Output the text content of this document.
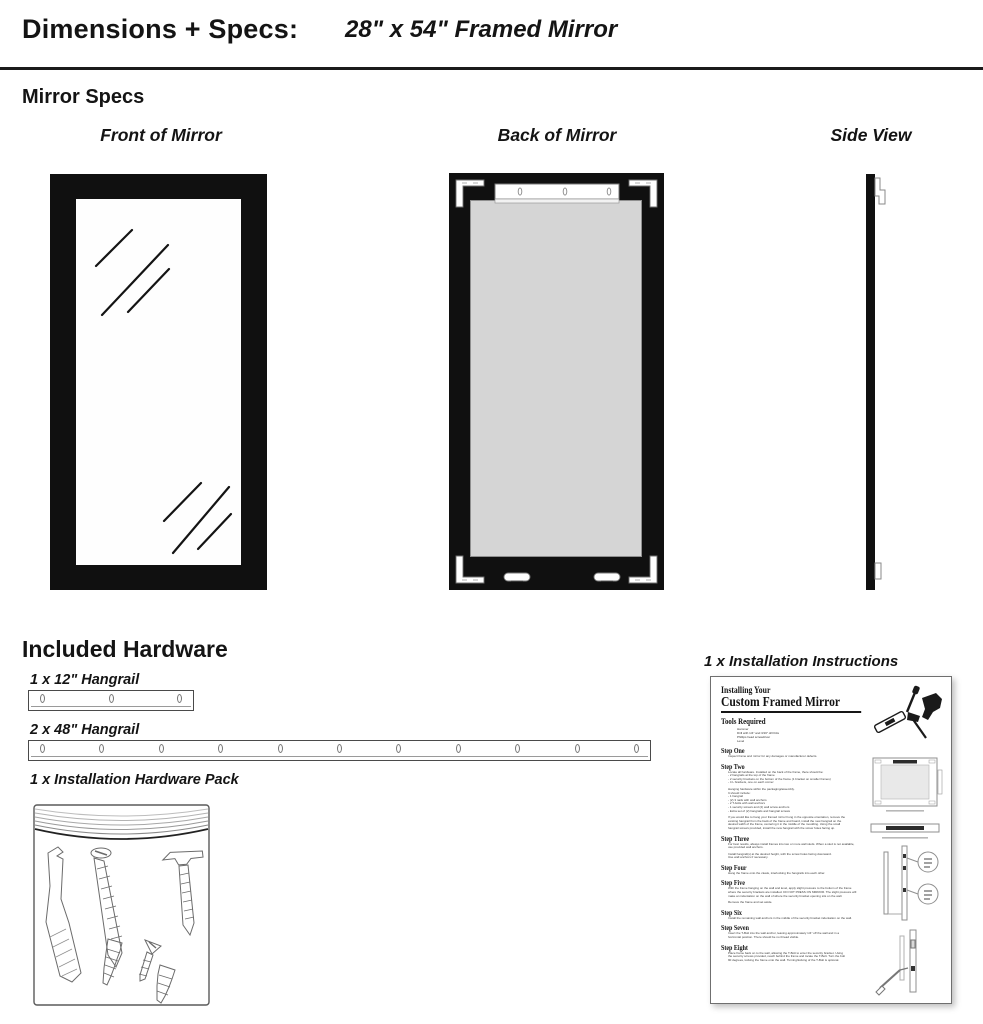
Dimensions + Specs: 28" x 54" Framed Mirror
Mirror Specs
Front of Mirror	Back of Mirror	Side View
Included Hardware
1 x 12" Hangrail
2 x 48" Hangrail
1 x Installation Hardware Pack
1 x Installation Instructions
Installing Your
Custom Framed Mirror
Tools Required
Hammer
Drill with 1/4" and 3/16" drill bits
Phillips head screwdriver
Level
Step One
Inspect frame and mirror for any damages or manufacturer defects.
Step Two
Locate all hardware. Installed on the back of the frame, there should be:
- 2 hangrails at the top of the frame
- 2 security brackets on the bottom of the frame (1 bracket on smaller frames)
- 4 L brackets, one on each corner
Hanging hardware within the packaging/assembly.
It should include:
- 1 hangrail
- (2) 3 nails with wall anchors
- 2 T-bolts with wall anchors
- 1 security screws and (2) wall screw anchors
- Extra set of (2) hangrails and hangrail screws
If you would like to hang your framed mirror hung in the opposite orientation, remove the
existing hangrail from the back of the frame and board, install the new hangrail on the
desired width of the frame, centering it in the middle of the moulding. Using the small
hangrail screws provided, install the new hangrail with the screw holes facing up.
Step Three
For best results, always install frames into two or more wall studs. When a stud is not available,
use provided wall anchors.
Install hangrail(s) at the desired height, with the screw holes facing downward.
Use wall anchors if necessary.
Step Four
Hang the frame onto the cleats, interlocking the hangrails into each other.
Step Five
With the frame hanging on the wall and level, apply slight pressure to the bottom of the frame
where the security brackets are installed. DO NOT PRESS ON MIRROR. The slight pressure will
make an indentation on the wall of where the security bracket opening sits on the wall.
Remove the frame and set aside.
Step Six
Install the remaining wall anchors in the middle of the security bracket indentation on the wall.
Step Seven
Insert the T-Bolt into the wall anchor, leaving approximately 1/4" off the wall and in a
horizontal position. There should be no thread visible.
Step Eight
Place frame back on to the wall, allowing the T-Bolt to enter the security bracket. Using
the security screws provided, reach behind the frame and locate the T-Bolt. Turn the bolt
90 degrees, locking the frame onto the wall. Turning/locking of the T-Bolt is optional.
